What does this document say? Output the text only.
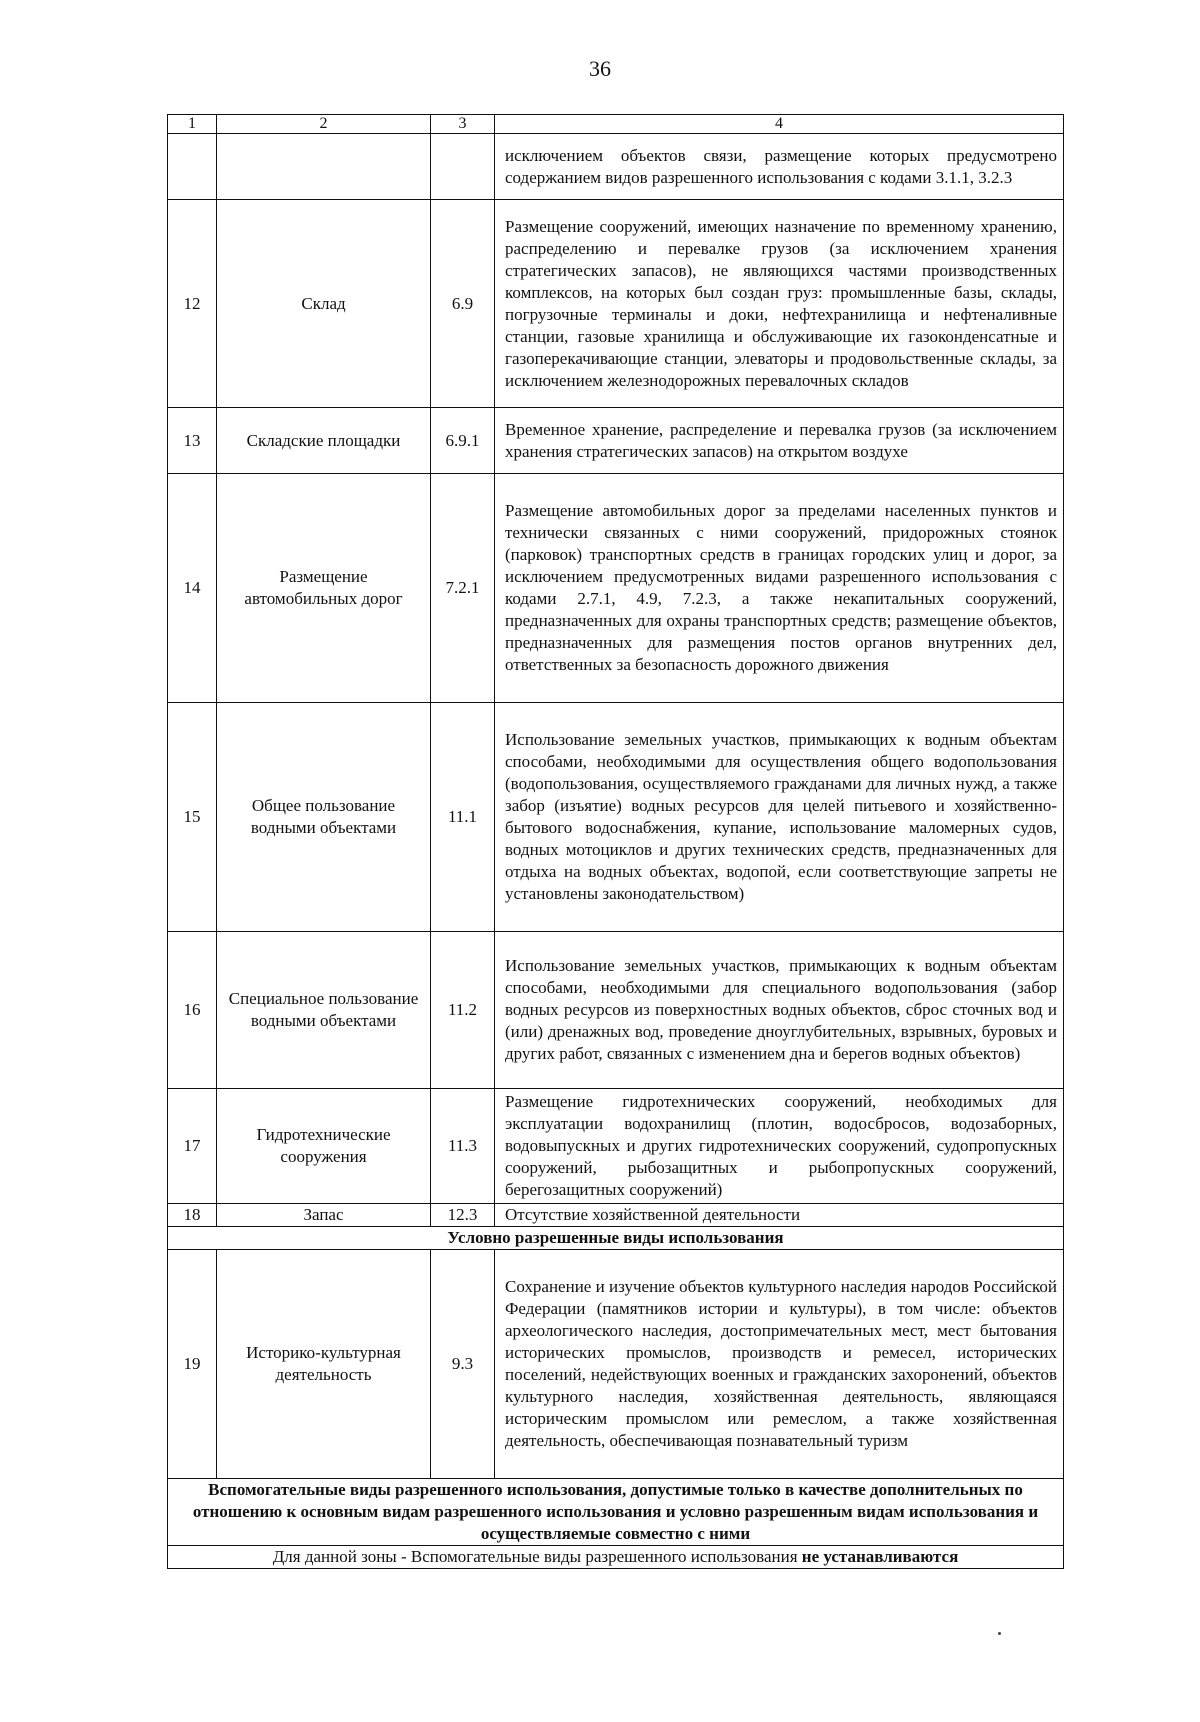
36
1	2	3	4
			исключением объектов связи, размещение которых предусмотрено содержанием видов разрешенного использования с кодами 3.1.1, 3.2.3
12	Склад	6.9	Размещение сооружений, имеющих назначение по временному хранению, распределению и перевалке грузов (за исключением хранения стратегических запасов), не являющихся частями производственных комплексов, на которых был создан груз: промышленные базы, склады, погрузочные терминалы и доки, нефтехранилища и нефтеналивные станции, газовые хранилища и обслуживающие их газоконденсатные и газоперекачивающие станции, элеваторы и продовольственные склады, за исключением железнодорожных перевалочных складов
13	Складские площадки	6.9.1	Временное хранение, распределение и перевалка грузов (за исключением хранения стратегических запасов) на открытом воздухе
14	Размещение автомобильных дорог	7.2.1	Размещение автомобильных дорог за пределами населенных пунктов и технически связанных с ними сооружений, придорожных стоянок (парковок) транспортных средств в границах городских улиц и дорог, за исключением предусмотренных видами разрешенного использования с кодами 2.7.1, 4.9, 7.2.3, а также некапитальных сооружений, предназначенных для охраны транспортных средств; размещение объектов, предназначенных для размещения постов органов внутренних дел, ответственных за безопасность дорожного движения
15	Общее пользование водными объектами	11.1	Использование земельных участков, примыкающих к водным объектам способами, необходимыми для осуществления общего водопользования (водопользования, осуществляемого гражданами для личных нужд, а также забор (изъятие) водных ресурсов для целей питьевого и хозяйственно-бытового водоснабжения, купание, использование маломерных судов, водных мотоциклов и других технических средств, предназначенных для отдыха на водных объектах, водопой, если соответствующие запреты не установлены законодательством)
16	Специальное пользование водными объектами	11.2	Использование земельных участков, примыкающих к водным объектам способами, необходимыми для специального водопользования (забор водных ресурсов из поверхностных водных объектов, сброс сточных вод и (или) дренажных вод, проведение дноуглубительных, взрывных, буровых и других работ, связанных с изменением дна и берегов водных объектов)
17	Гидротехнические сооружения	11.3	Размещение гидротехнических сооружений, необходимых для эксплуатации водохранилищ (плотин, водосбросов, водозаборных, водовыпускных и других гидротехнических сооружений, судопропускных сооружений, рыбозащитных и рыбопропускных сооружений, берегозащитных сооружений)
18	Запас	12.3	Отсутствие хозяйственной деятельности
Условно разрешенные виды использования			
19	Историко-культурная деятельность	9.3	Сохранение и изучение объектов культурного наследия народов Российской Федерации (памятников истории и культуры), в том числе: объектов археологического наследия, достопримечательных мест, мест бытования исторических промыслов, производств и ремесел, исторических поселений, недействующих военных и гражданских захоронений, объектов культурного наследия, хозяйственная деятельность, являющаяся историческим промыслом или ремеслом, а также хозяйственная деятельность, обеспечивающая познавательный туризм
Вспомогательные виды разрешенного использования, допустимые только в качестве дополнительных по отношению к основным видам разрешенного использования и условно разрешенным видам использования и осуществляемые совместно с ними			
Для данной зоны - Вспомогательные виды разрешенного использования не устанавливаются			
